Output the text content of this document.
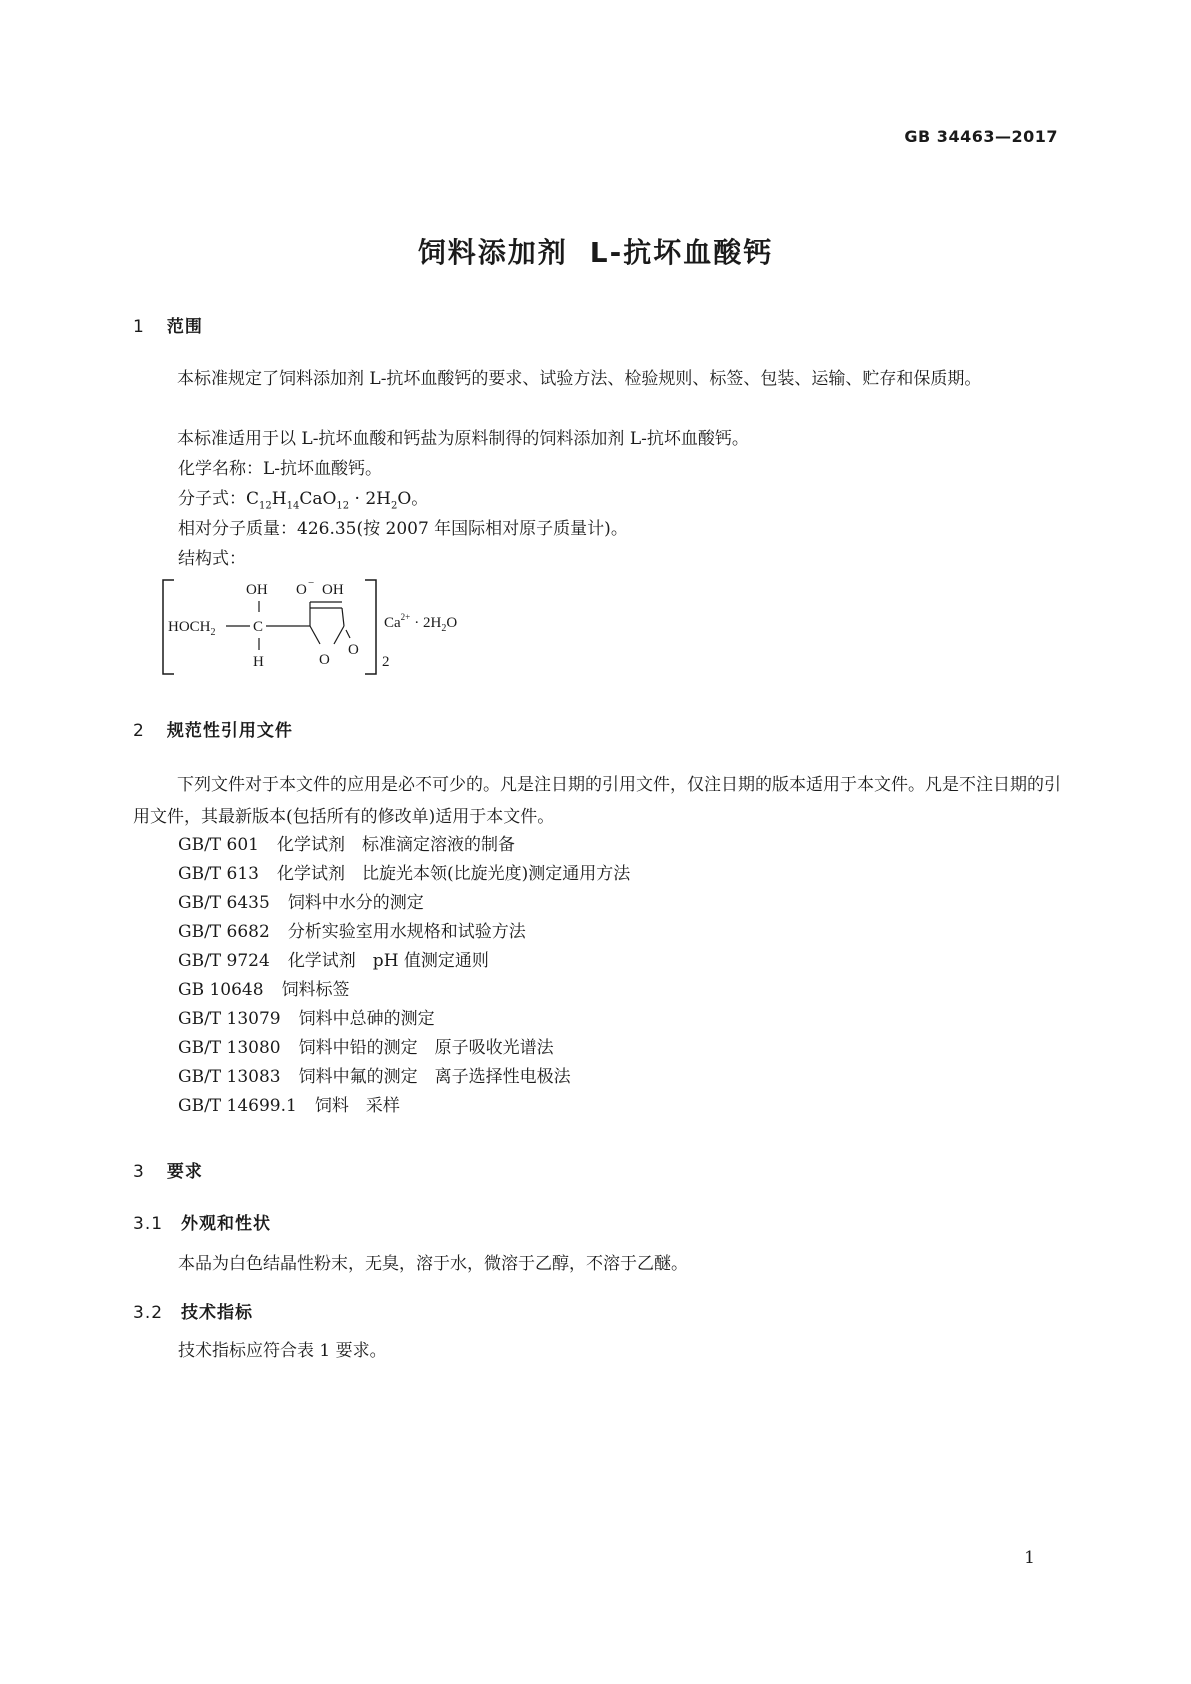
GB 34463—2017
饲料添加剂 L-抗坏血酸钙
1 范围
本标准规定了饲料添加剂 L-抗坏血酸钙的要求、试验方法、检验规则、标签、包装、运输、贮存和保质期。
本标准适用于以 L-抗坏血酸和钙盐为原料制得的饲料添加剂 L-抗坏血酸钙。
化学名称：L-抗坏血酸钙。
分子式：$C_{12}H_{14}CaO_{12} \cdot 2H_2O$。
相对分子质量：426.35(按 2007 年国际相对原子质量计)。
结构式：
OH O − OH
$HOCH_2$ C
H	O
O
2
$Ca^{2+} \cdot 2H_2O$
2 规范性引用文件
下列文件对于本文件的应用是必不可少的。凡是注日期的引用文件，仅注日期的版本适用于本文件。凡是不注日期的引用文件，其最新版本(包括所有的修改单)适用于本文件。
GB/T 601 化学试剂　标准滴定溶液的制备
GB/T 613 化学试剂　比旋光本领(比旋光度)测定通用方法
GB/T 6435 饲料中水分的测定
GB/T 6682 分析实验室用水规格和试验方法
GB/T 9724 化学试剂　pH 值测定通则
GB 10648 饲料标签
GB/T 13079 饲料中总砷的测定
GB/T 13080 饲料中铅的测定　原子吸收光谱法
GB/T 13083 饲料中氟的测定　离子选择性电极法
GB/T 14699.1 饲料　采样
3 要求
3.1 外观和性状
本品为白色结晶性粉末，无臭，溶于水，微溶于乙醇，不溶于乙醚。
3.2 技术指标
技术指标应符合表 1 要求。
1
